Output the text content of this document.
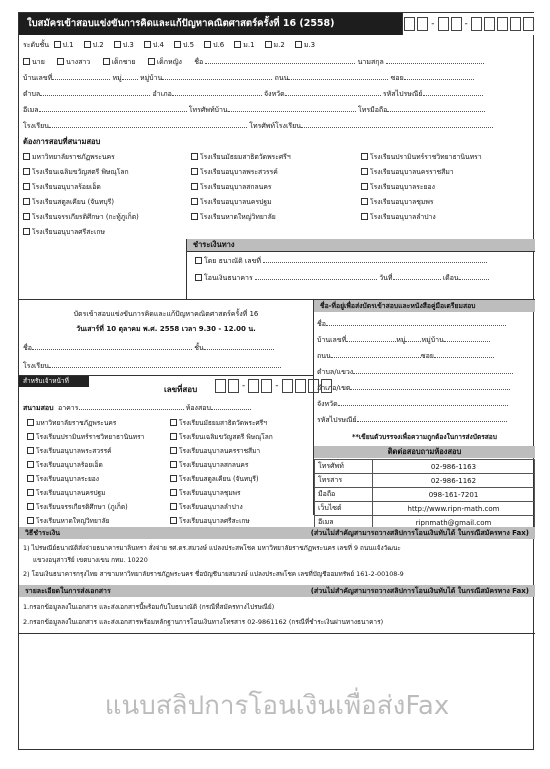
ใบสมัครเข้าสอบแข่งขันการคิดและแก้ปัญหาคณิตศาสตร์ครั้งที่ 16 (2558)	-	-
ระดับชั้น ป.1	ป.2	ป.3	ป.4	ป.5	ป.6	ม.1	ม.2	ม.3
นาย	นางสาว	เด็กชาย	เด็กหญิง ชื่อ	นามสกุล
บ้านเลขที่	หมู่	หมู่บ้าน	ถนน	ซอย
ตำบล	อำเภอ	จังหวัด	รหัสไปรษณีย์
อีเมล	โทรศัพท์บ้าน	โทรมือถือ
โรงเรียน	โทรศัพท์โรงเรียน
ต้องการสอบที่สนามสอบ
มหาวิทยาลัยราชภัฏพระนคร	โรงเรียนมัธยมสาธิตวัดพระศรีฯ	โรงเรียนปรามินทร์ราชวิทยาธานินทรา
โรงเรียนเฉลิมขวัญสตรี พิษณุโลก	โรงเรียนอนุบาลพระสวรรค์	โรงเรียนอนุบาลนครราชสีมา
โรงเรียนอนุบาลร้อยเอ็ด	โรงเรียนอนุบาลสกลนคร	โรงเรียนอนุบาลระยอง
โรงเรียนสตูลเคียน (จันทบุรี)	โรงเรียนอนุบาลนครปฐม	โรงเรียนอนุบาลชุมพร
โรงเรียนจรรเกียรติศึกษา (กะทู้ภูเก็ต)	โรงเรียนหาดใหญ่วิทยาลัย	โรงเรียนอนุบาลลำปาง
โรงเรียนอนุบาลศรีสะเกษ
ชำระเงินทาง
โดย ธนาณัติ เลขที่
โอนเงินธนาคาร	วันที่	เดือน
บัตรเข้าสอบแข่งขันการคิดและแก้ปัญหาคณิตศาสตร์ครั้งที่ 16
วันเสาร์ที่ 10 ตุลาคม พ.ศ. 2558 เวลา 9.30 - 12.00 น.
ชื่อ	ชั้น
โรงเรียน
ชื่อ-ที่อยู่เพื่อส่งบัตรเข้าสอบและหนังสือคู่มือเตรียมสอบ
ชื่อ
บ้านเลขที่	หมู่ หมู่บ้าน
ถนน	ซอย
ตำบล/แขวง
อำเภอ/เขต
จังหวัด
รหัสไปรษณีย์
**เขียนตัวบรรจงเพื่อความถูกต้องในการส่งบัตรสอบ
ติดต่อสอบถามห้องสอบ
โทรศัพท์	02-986-1163
โทรสาร	02-986-1162
มือถือ	098-161-7201
เว็บไซต์	http://www.ripn-math.com
อีเมล	ripnmath@gmail.com
สำหรับเจ้าหน้าที่
เลขที่สอบ	-	-
สนามสอบ อาคาร	ห้องสอบ
มหาวิทยาลัยราชภัฏพระนคร	โรงเรียนมัธยมสาธิตวัดพระศรีฯ
โรงเรียนปรามินทร์ราชวิทยาธานินทรา	โรงเรียนเฉลิมขวัญสตรี พิษณุโลก
โรงเรียนอนุบาลพระสวรรค์	โรงเรียนอนุบาลนครราชสีมา
โรงเรียนอนุบาลร้อยเอ็ด	โรงเรียนอนุบาลสกลนคร
โรงเรียนอนุบาลระยอง	โรงเรียนสตูลเคียน (จันทบุรี)
โรงเรียนอนุบาลนครปฐม	โรงเรียนอนุบาลชุมพร
โรงเรียนจรรเกียรติศึกษา (ภูเก็ต)	โรงเรียนอนุบาลลำปาง
โรงเรียนหาดใหญ่วิทยาลัย	โรงเรียนอนุบาลศรีสะเกษ
วิธีชำระเงิน	(ส่วนไม่สำคัญสามารถวางสลิปการโอนเงินทับได้ ในกรณีสมัครทาง Fax)
1) ไปรษณีย์ธนาณัติสั่งจ่ายธนาคารมาลินทรา สั่งจ่าย รศ.ดร.สมวงษ์ แปลงประสพโชค มหาวิทยาลัยราชภัฏพระนคร เลขที่ 9 ถนนแจ้งวัฒนะ
แขวงอนุสาวรีย์ เขตบางเขน กทม. 10220
2) โอนเงินธนาคารกรุงไทย สาขามหาวิทยาลัยราชภัฏพระนคร ชื่อบัญชีนายสมวงษ์ แปลงประสพโชค เลขที่บัญชีออมทรัพย์ 161-2-00108-9
รายละเอียดในการส่งเอกสาร	(ส่วนไม่สำคัญสามารถวางสลิปการโอนเงินทับได้ ในกรณีสมัครทาง Fax)
1.กรอกข้อมูลลงในเอกสาร และส่งเอกสารนี้พร้อมกับใบธนาณัติ (กรณีที่สมัครทางไปรษณีย์)
2.กรอกข้อมูลลงในเอกสาร และส่งเอกสารพร้อมหลักฐานการโอนเงินทางโทรสาร 02-9861162 (กรณีที่ชำระเงินผ่านทางธนาคาร)
แนบสลิปการโอนเงินเพื่อส่งFax
